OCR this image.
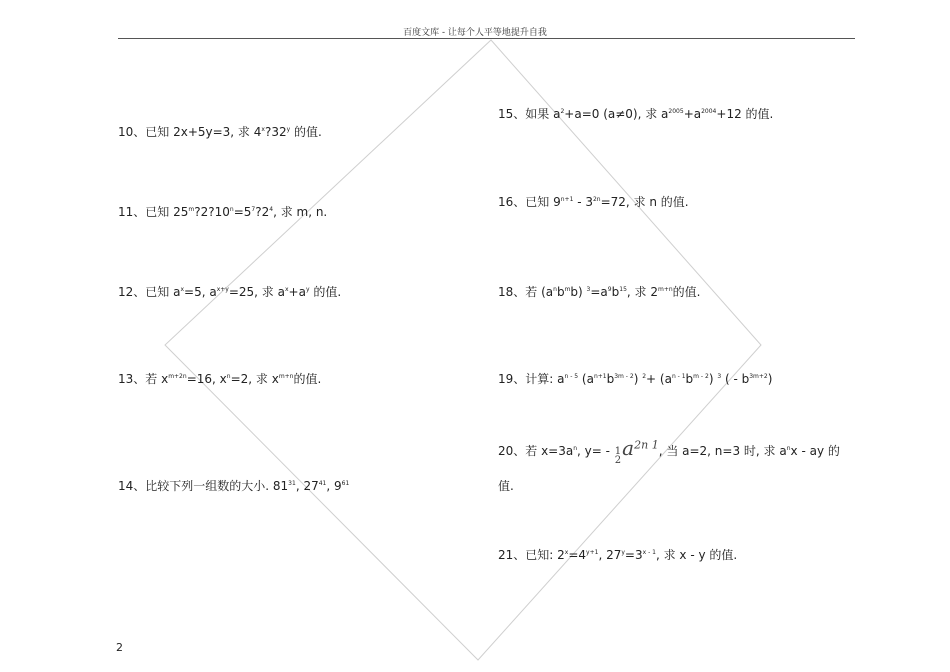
百度文库 - 让每个人平等地提升自我
10、已知 2x+5y=3, 求 4$^x$?32$^y$ 的值.
11、已知 $25^m?2?10^n=5^7?2^4$, 求 m, n.
12、已知 $a^x=5$, $a^{x+y}=25$, 求 $a^x+a^y$ 的值.
13、若 $x^{m+2n}=16$, $x^n=2$, 求 $x^{m+n}$的值.
14、比较下列一组数的大小. $81^{31}$, $27^{41}$, $9^{61}$
15、如果 $a^2+a=0$ (a≠0), 求 $a^{2005}+a^{2004}+12$ 的值.
16、已知 $9^{n+1} - 3^{2n}=72$, 求 n 的值.
18、若 $(a^nb^mb)$ $^3=a^9b^{15}$, 求 $2^{m+n}$的值.
19、计算: $a^{n - 5}$ $(a^{n+1}b^{3m - 2})$ $^2+ (a^{n - 1}b^{m - 2})$ $^3$ ( - $b^{3m+2}$)
20、若 $x=3a^n$, y= - 1
2
$a^{2n 1}$, 当 a=2, n=3 时, 求 $a^nx$ - ay 的
值.
21、已知: $2^x=4^{y+1}$, $27^y=3^{x - 1}$, 求 x - y 的值.
2
